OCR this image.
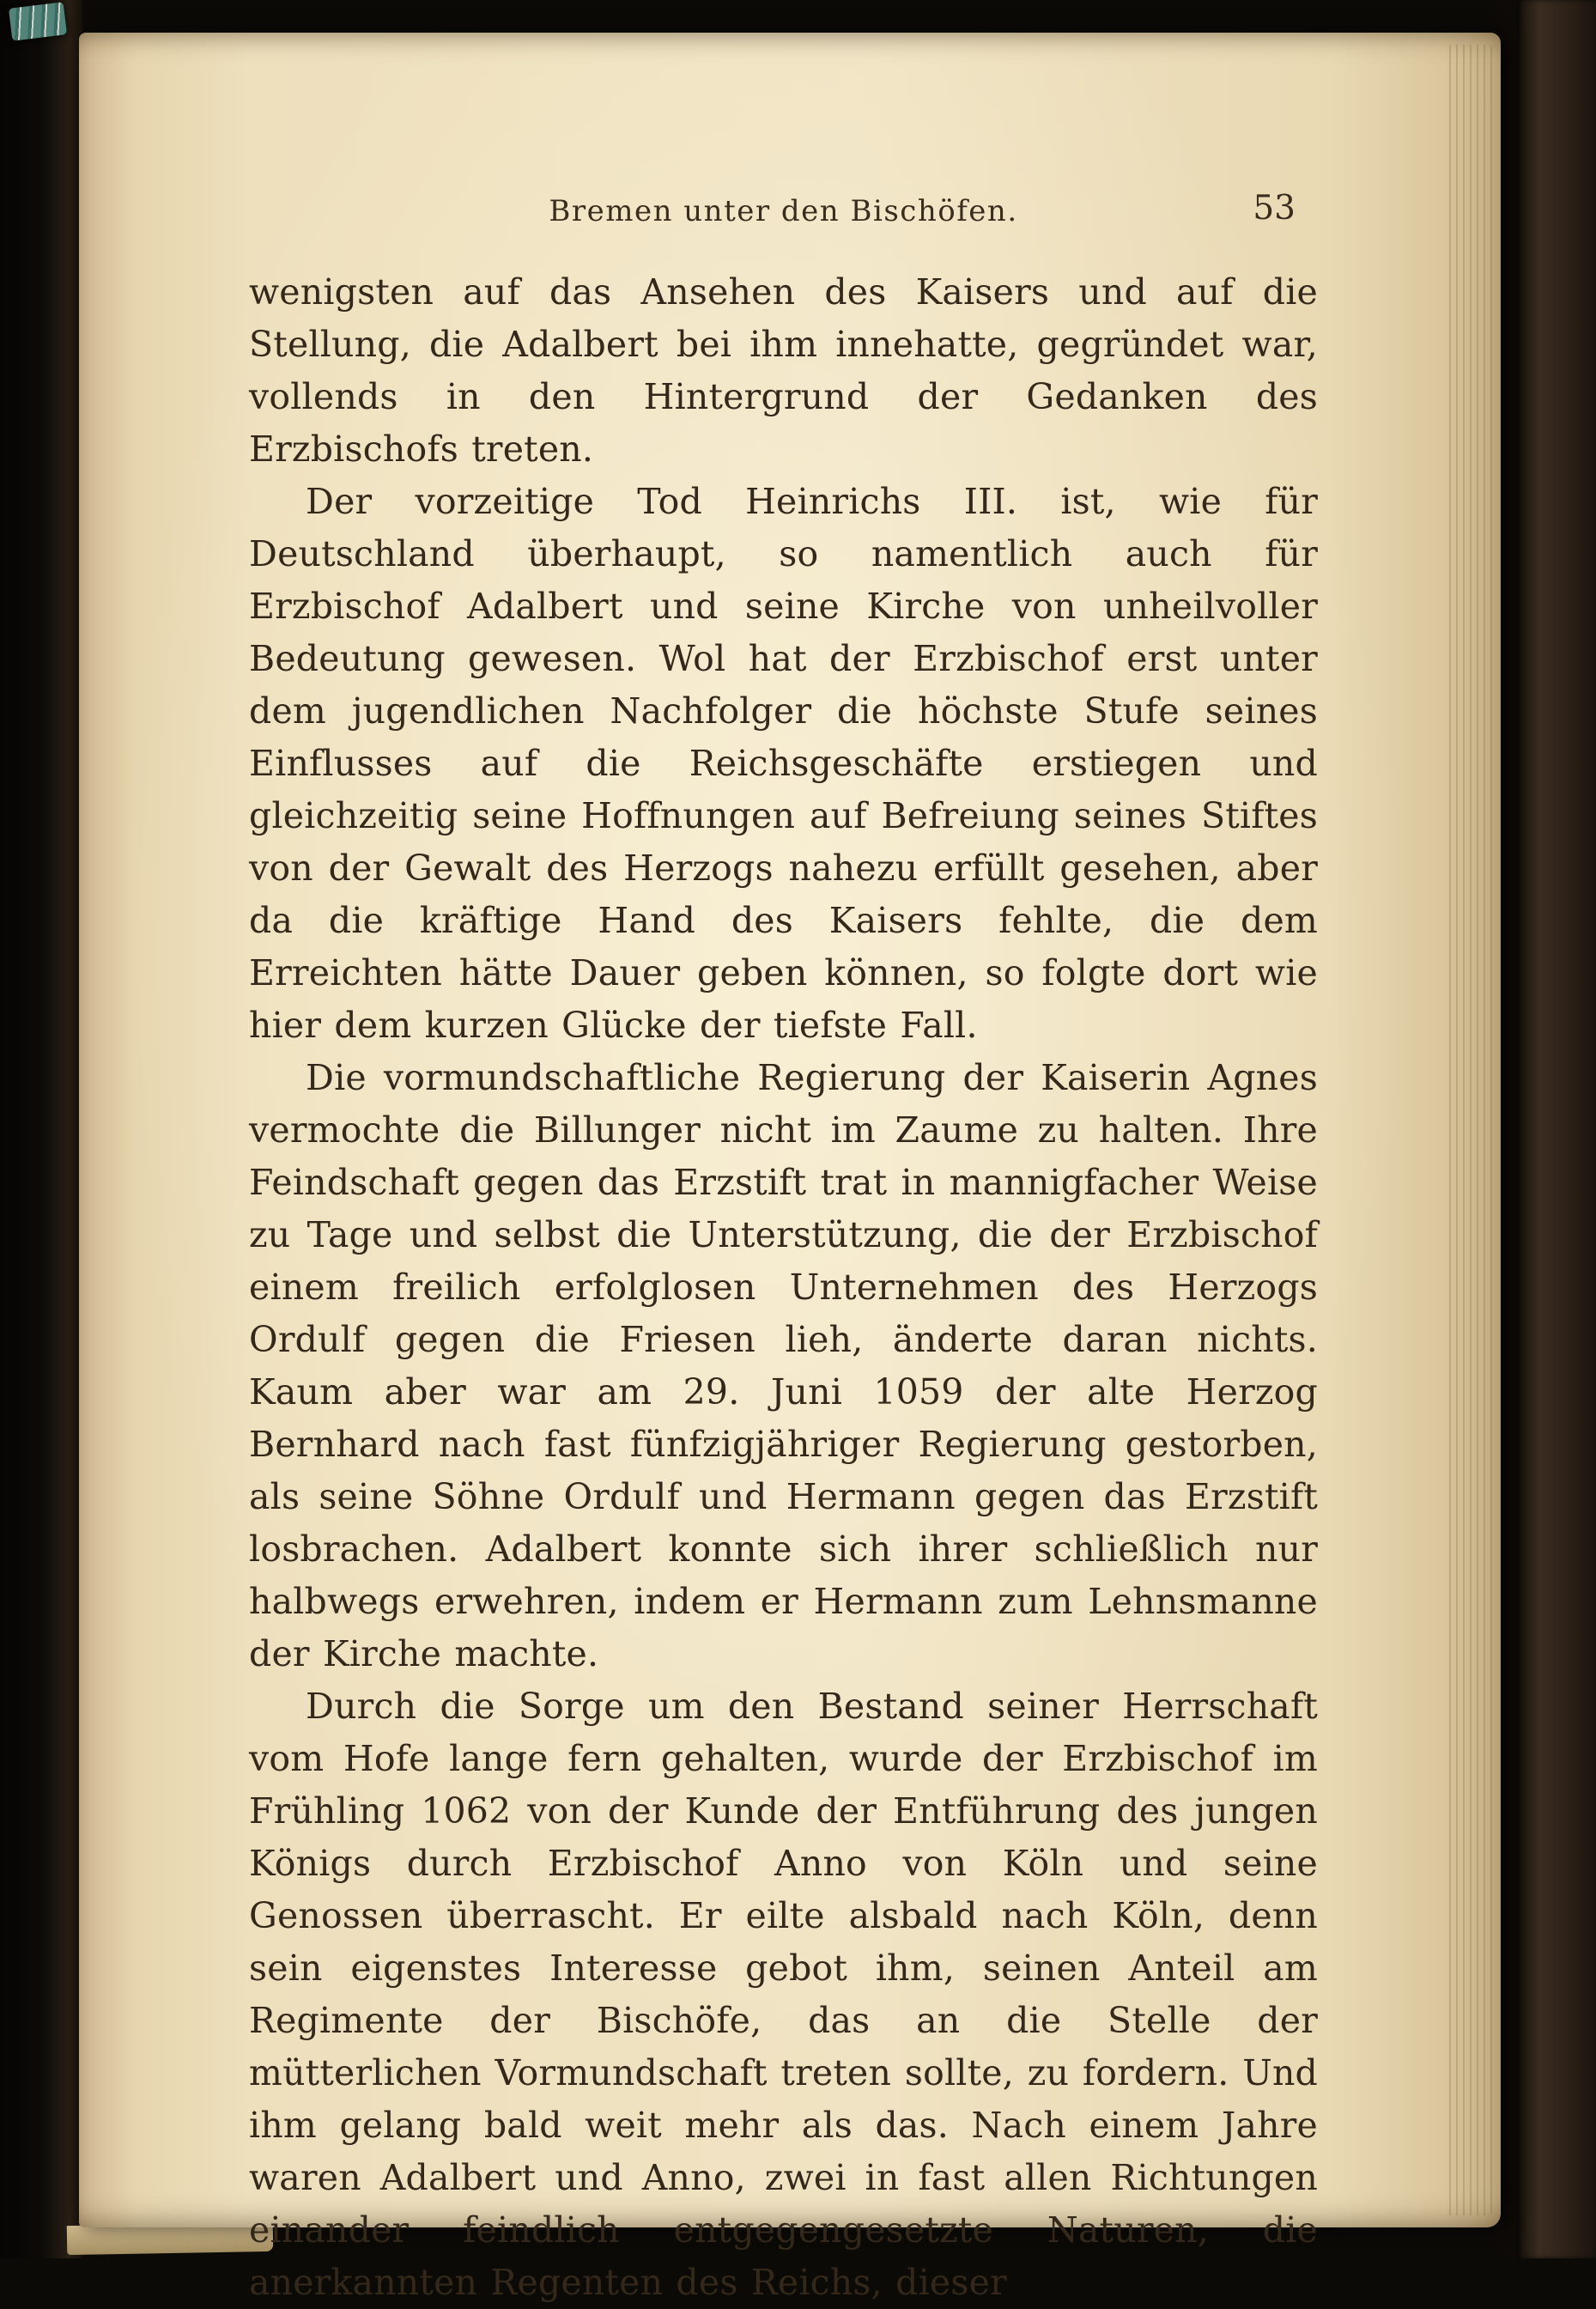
Bremen unter den Bischöfen.	53

wenigsten auf das Ansehen des Kaisers und auf die Stellung, die Adalbert bei ihm innehatte, gegründet war, vollends in den Hintergrund der Gedanken des Erzbischofs treten.

Der vorzeitige Tod Heinrichs III. ist, wie für Deutschland überhaupt, so namentlich auch für Erzbischof Adalbert und seine Kirche von unheilvoller Bedeutung gewesen. Wol hat der Erzbischof erst unter dem jugendlichen Nachfolger die höchste Stufe seines Einflusses auf die Reichsgeschäfte erstiegen und gleichzeitig seine Hoffnungen auf Befreiung seines Stiftes von der Gewalt des Herzogs nahezu erfüllt gesehen, aber da die kräftige Hand des Kaisers fehlte, die dem Erreichten hätte Dauer geben können, so folgte dort wie hier dem kurzen Glücke der tiefste Fall.

Die vormundschaftliche Regierung der Kaiserin Agnes vermochte die Billunger nicht im Zaume zu halten. Ihre Feindschaft gegen das Erzstift trat in mannigfacher Weise zu Tage und selbst die Unterstützung, die der Erzbischof einem freilich erfolglosen Unternehmen des Herzogs Ordulf gegen die Friesen lieh, änderte daran nichts. Kaum aber war am 29. Juni 1059 der alte Herzog Bernhard nach fast fünfzigjähriger Regierung gestorben, als seine Söhne Ordulf und Hermann gegen das Erzstift losbrachen. Adalbert konnte sich ihrer schließlich nur halbwegs erwehren, indem er Hermann zum Lehnsmanne der Kirche machte.

Durch die Sorge um den Bestand seiner Herrschaft vom Hofe lange fern gehalten, wurde der Erzbischof im Frühling 1062 von der Kunde der Entführung des jungen Königs durch Erzbischof Anno von Köln und seine Genossen überrascht. Er eilte alsbald nach Köln, denn sein eigenstes Interesse gebot ihm, seinen Anteil am Regimente der Bischöfe, das an die Stelle der mütterlichen Vormundschaft treten sollte, zu fordern. Und ihm gelang bald weit mehr als das. Nach einem Jahre waren Adalbert und Anno, zwei in fast allen Richtungen einander feindlich entgegengesetzte Naturen, die anerkannten Regenten des Reichs, dieser
